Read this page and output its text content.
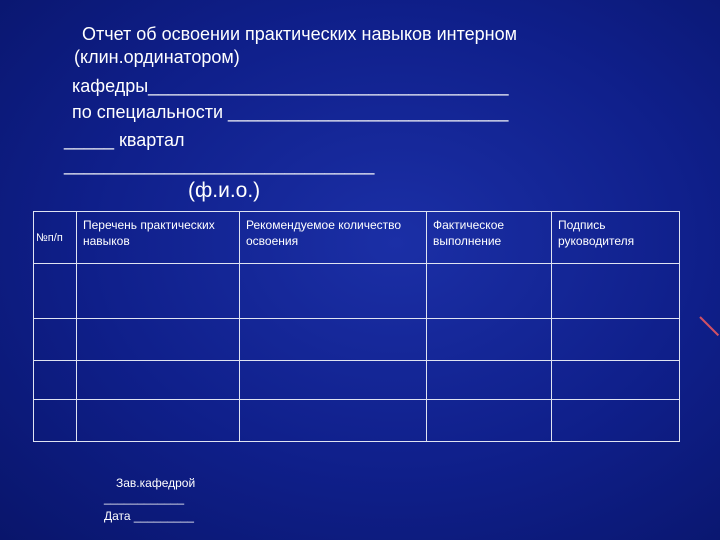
Отчет об освоении практических навыков интерном
(клин.ординатором)
кафедры____________________________________
по специальности ____________________________
_____ квартал
_______________________________
(ф.и.о.)
№п/п	Перечень практических навыков	Рекомендуемое количество освоения	Фактическое выполнение	Подпись руководителя

Зав.кафедрой
____________
Дата _________
